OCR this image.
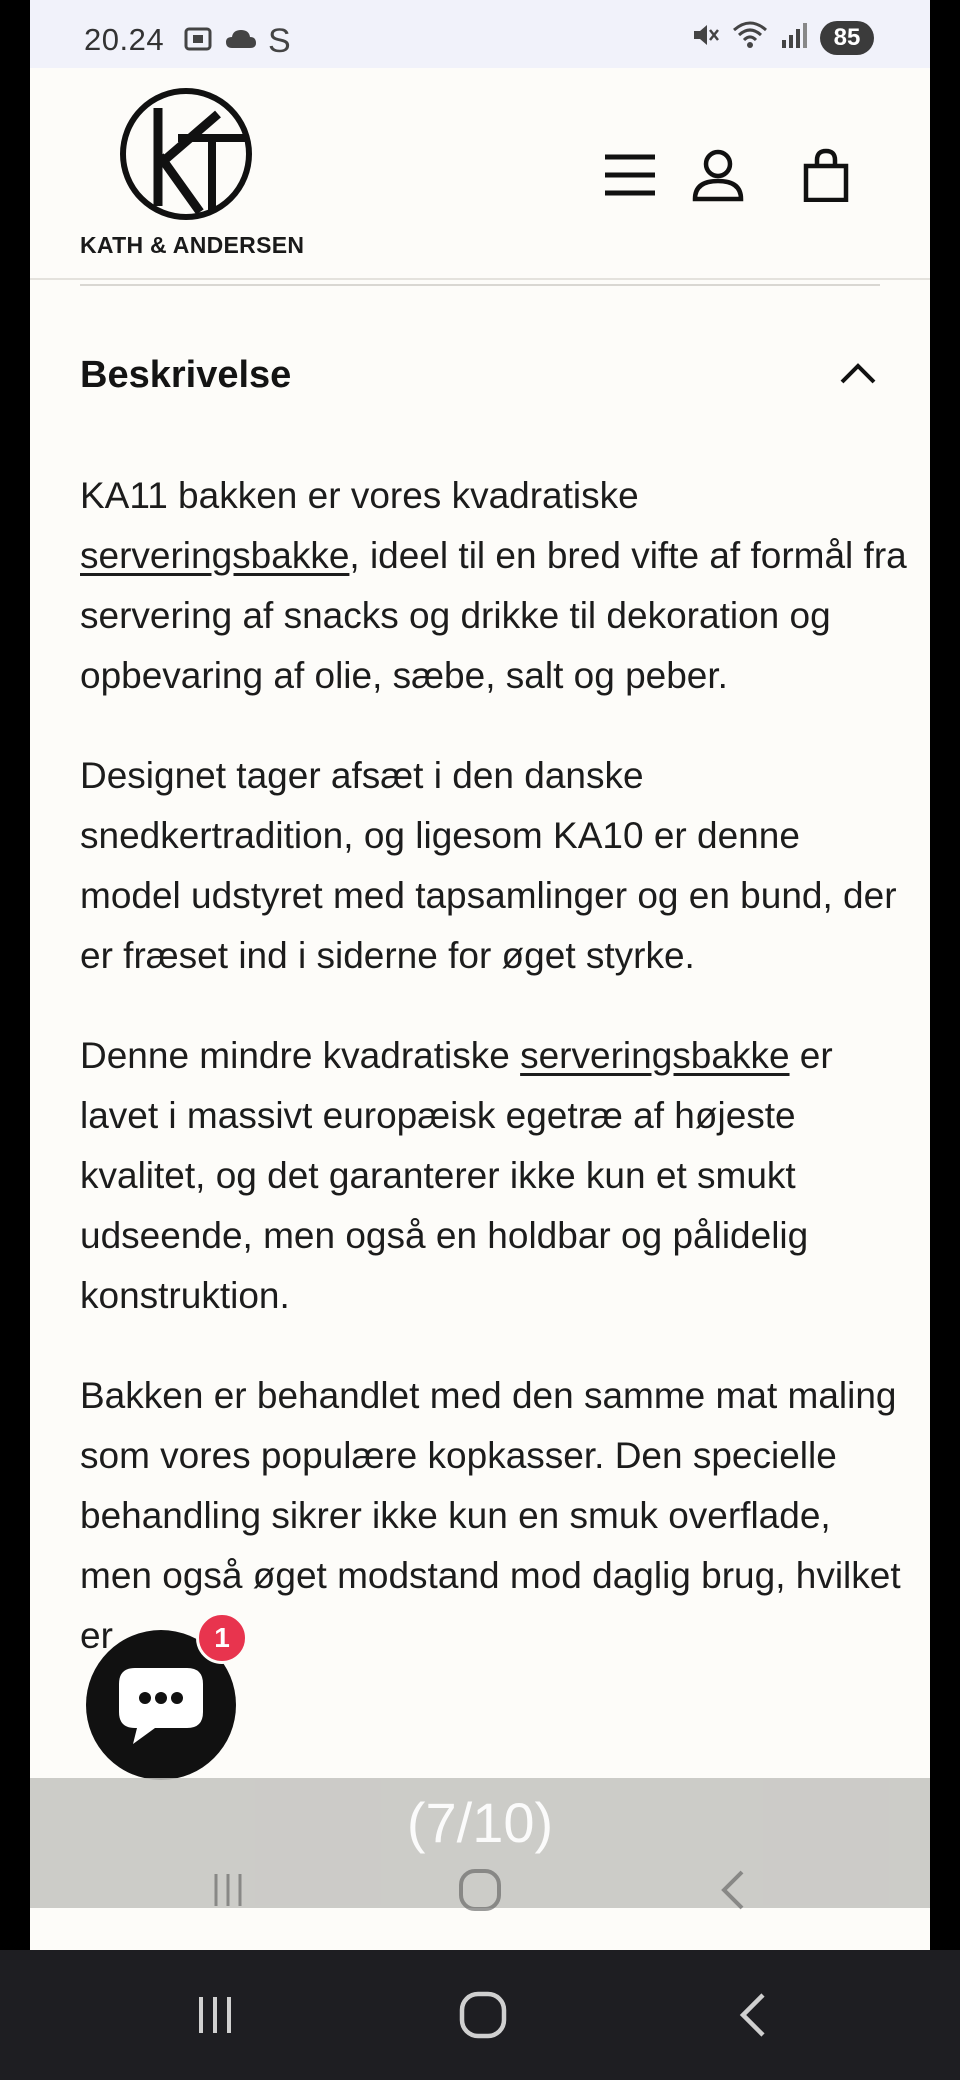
20.24	S	85
KATH & ANDERSEN
Beskrivelse

KA11 bakken er vores kvadratiske serveringsbakke, ideel til en bred vifte af formål fra servering af snacks og drikke til dekoration og opbevaring af olie, sæbe, salt og peber.

Designet tager afsæt i den danske snedkertradition, og ligesom KA10 er denne model udstyret med tapsamlinger og en bund, der er fræset ind i siderne for øget styrke.

Denne mindre kvadratiske serveringsbakke er lavet i massivt europæisk egetræ af højeste kvalitet, og det garanterer ikke kun et smukt udseende, men også en holdbar og pålidelig konstruktion.

Bakken er behandlet med den samme mat maling som vores populære kopkasser. Den specielle behandling sikrer ikke kun en smuk overflade, men også øget modstand mod daglig brug, hvilket er	1
(7/10)
